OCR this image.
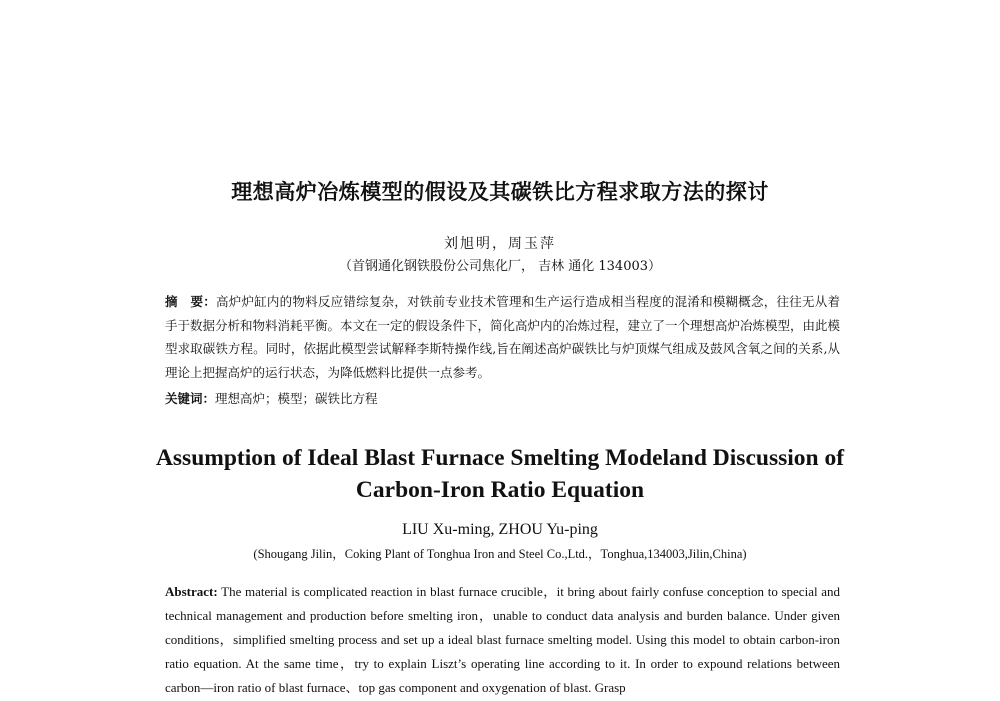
理想高炉冶炼模型的假设及其碳铁比方程求取方法的探讨
刘旭明，周玉萍
（首钢通化钢铁股份公司焦化厂， 吉林 通化 134003）

摘　要：高炉炉缸内的物料反应错综复杂，对铁前专业技术管理和生产运行造成相当程度的混淆和模糊概念，往往无从着手于数据分析和物料消耗平衡。本文在一定的假设条件下，简化高炉内的冶炼过程，建立了一个理想高炉冶炼模型，由此模型求取碳铁方程。同时，依据此模型尝试解释李斯特操作线,旨在阐述高炉碳铁比与炉顶煤气组成及鼓风含氧之间的关系,从理论上把握高炉的运行状态，为降低燃料比提供一点参考。

关键词：理想高炉；模型；碳铁比方程

Assumption of Ideal Blast Furnace Smelting Modeland Discussion of Carbon-Iron Ratio Equation
LIU Xu-ming, ZHOU Yu-ping
(Shougang Jilin，Coking Plant of Tonghua Iron and Steel Co.,Ltd.，Tonghua,134003,Jilin,China)

Abstract: The material is complicated reaction in blast furnace crucible，it bring about fairly confuse conception to special and technical management and production before smelting iron，unable to conduct data analysis and burden balance. Under given conditions，simplified smelting process and set up a ideal blast furnace smelting model. Using this model to obtain carbon-iron ratio equation. At the same time，try to explain Liszt’s operating line according to it. In order to expound relations between carbon—iron ratio of blast furnace、top gas component and oxygenation of blast. Grasp
